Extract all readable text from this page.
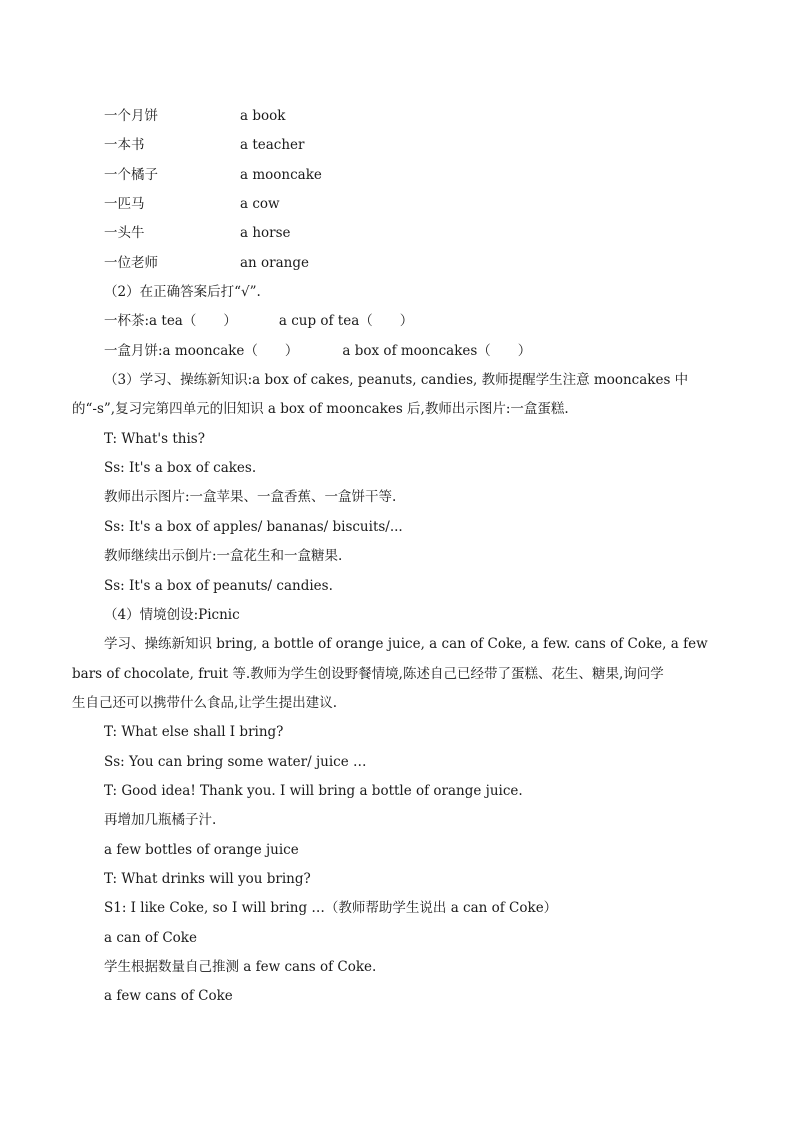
一个月饼	a book
一本书	a teacher
一个橘子	a mooncake
一匹马	a cow
一头牛	a horse
一位老师	an orange
（2）在正确答案后打“√”.
一杯茶:a tea（　　）	a cup of tea（　　）
一盒月饼:a mooncake（　　）	a box of mooncakes（　　）
（3）学习、操练新知识:a box of cakes, peanuts, candies, 教师提醒学生注意 mooncakes 中
的“-s”,复习完第四单元的旧知识 a box of mooncakes 后,教师出示图片:一盒蛋糕.
T: What's this?
Ss: It's a box of cakes.
教师出示图片:一盒苹果、一盒香蕉、一盒饼干等.
Ss: It's a box of apples/ bananas/ biscuits/...
教师继续出示倒片:一盒花生和一盒糖果.
Ss: It's a box of peanuts/ candies.
（4）情境创设:Picnic
学习、操练新知识 bring, a bottle of orange juice, a can of Coke, a few. cans of Coke, a few
bars of chocolate, fruit 等.教师为学生创设野餐情境,陈述自己已经带了蛋糕、花生、糖果,询问学
生自己还可以携带什么食品,让学生提出建议.
T: What else shall I bring?
Ss: You can bring some water/ juice …
T: Good idea! Thank you. I will bring a bottle of orange juice.
再增加几瓶橘子汁.
a few bottles of orange juice
T: What drinks will you bring?
S1: I like Coke, so I will bring …（教师帮助学生说出 a can of Coke）
a can of Coke
学生根据数量自己推测 a few cans of Coke.
a few cans of Coke
